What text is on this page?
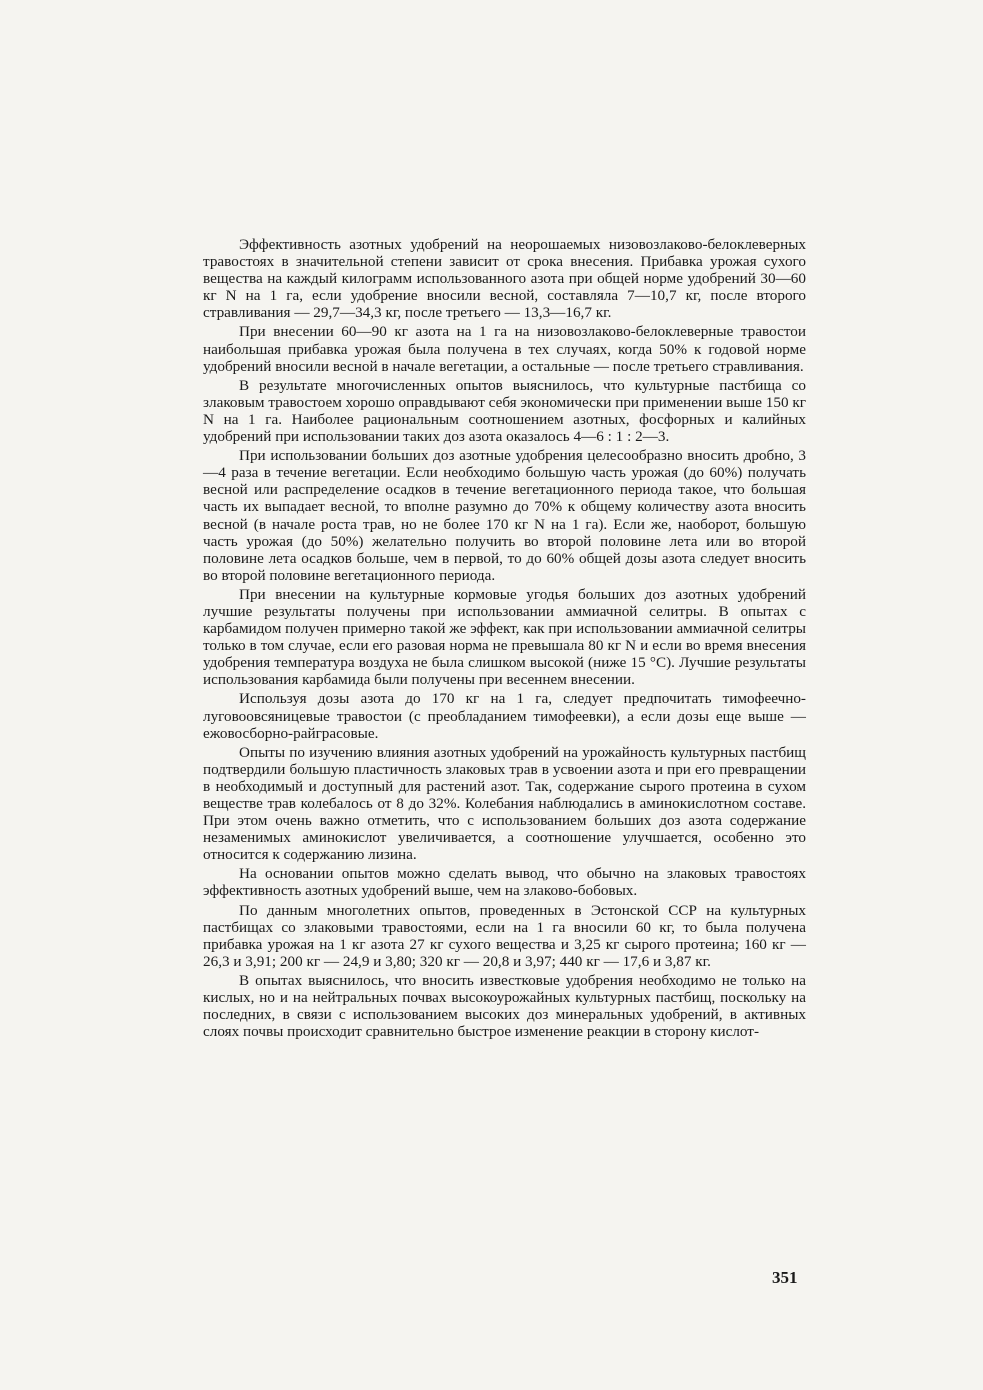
Эффективность азотных удобрений на неорошаемых низовозлаково-белоклеверных травостоях в значительной степени зависит от срока внесения. Прибавка урожая сухого вещества на каждый килограмм использованного азота при общей норме удобрений 30—60 кг N на 1 га, если удобрение вносили весной, составляла 7—10,7 кг, после второго стравливания — 29,7—34,3 кг, после третьего — 13,3—16,7 кг.

При внесении 60—90 кг азота на 1 га на низовозлаково-белоклеверные травостои наибольшая прибавка урожая была получена в тех случаях, когда 50% к годовой норме удобрений вносили весной в начале вегетации, а остальные — после третьего стравливания.

В результате многочисленных опытов выяснилось, что культурные пастбища со злаковым травостоем хорошо оправдывают себя экономически при применении выше 150 кг N на 1 га. Наиболее рациональным соотношением азотных, фосфорных и калийных удобрений при использовании таких доз азота оказалось 4—6 : 1 : 2—3.

При использовании больших доз азотные удобрения целесообразно вносить дробно, 3—4 раза в течение вегетации. Если необходимо большую часть урожая (до 60%) получать весной или распределение осадков в течение вегетационного периода такое, что большая часть их выпадает весной, то вполне разумно до 70% к общему количеству азота вносить весной (в начале роста трав, но не более 170 кг N на 1 га). Если же, наоборот, большую часть урожая (до 50%) желательно получить во второй половине лета или во второй половине лета осадков больше, чем в первой, то до 60% общей дозы азота следует вносить во второй половине вегетационного периода.

При внесении на культурные кормовые угодья больших доз азотных удобрений лучшие результаты получены при использовании аммиачной селитры. В опытах с карбамидом получен примерно такой же эффект, как при использовании аммиачной селитры только в том случае, если его разовая норма не превышала 80 кг N и если во время внесения удобрения температура воздуха не была слишком высокой (ниже 15 °С). Лучшие результаты использования карбамида были получены при весеннем внесении.

Используя дозы азота до 170 кг на 1 га, следует предпочитать тимофеечно-луговоовсяницевые травостои (с преобладанием тимофеевки), а если дозы еще выше — ежовосборно-райграсовые.

Опыты по изучению влияния азотных удобрений на урожайность культурных пастбищ подтвердили большую пластичность злаковых трав в усвоении азота и при его превращении в необходимый и доступный для растений азот. Так, содержание сырого протеина в сухом веществе трав колебалось от 8 до 32%. Колебания наблюдались в аминокислотном составе. При этом очень важно отметить, что с использованием больших доз азота содержание незаменимых аминокислот увеличивается, а соотношение улучшается, особенно это относится к содержанию лизина.

На основании опытов можно сделать вывод, что обычно на злаковых травостоях эффективность азотных удобрений выше, чем на злаково-бобовых.

По данным многолетних опытов, проведенных в Эстонской ССР на культурных пастбищах со злаковыми травостоями, если на 1 га вносили 60 кг, то была получена прибавка урожая на 1 кг азота 27 кг сухого вещества и 3,25 кг сырого протеина; 160 кг — 26,3 и 3,91; 200 кг — 24,9 и 3,80; 320 кг — 20,8 и 3,97; 440 кг — 17,6 и 3,87 кг.

В опытах выяснилось, что вносить известковые удобрения необходимо не только на кислых, но и на нейтральных почвах высокоурожайных культурных пастбищ, поскольку на последних, в связи с использованием высоких доз минеральных удобрений, в активных слоях почвы происходит сравнительно быстрое изменение реакции в сторону кислот-

351
